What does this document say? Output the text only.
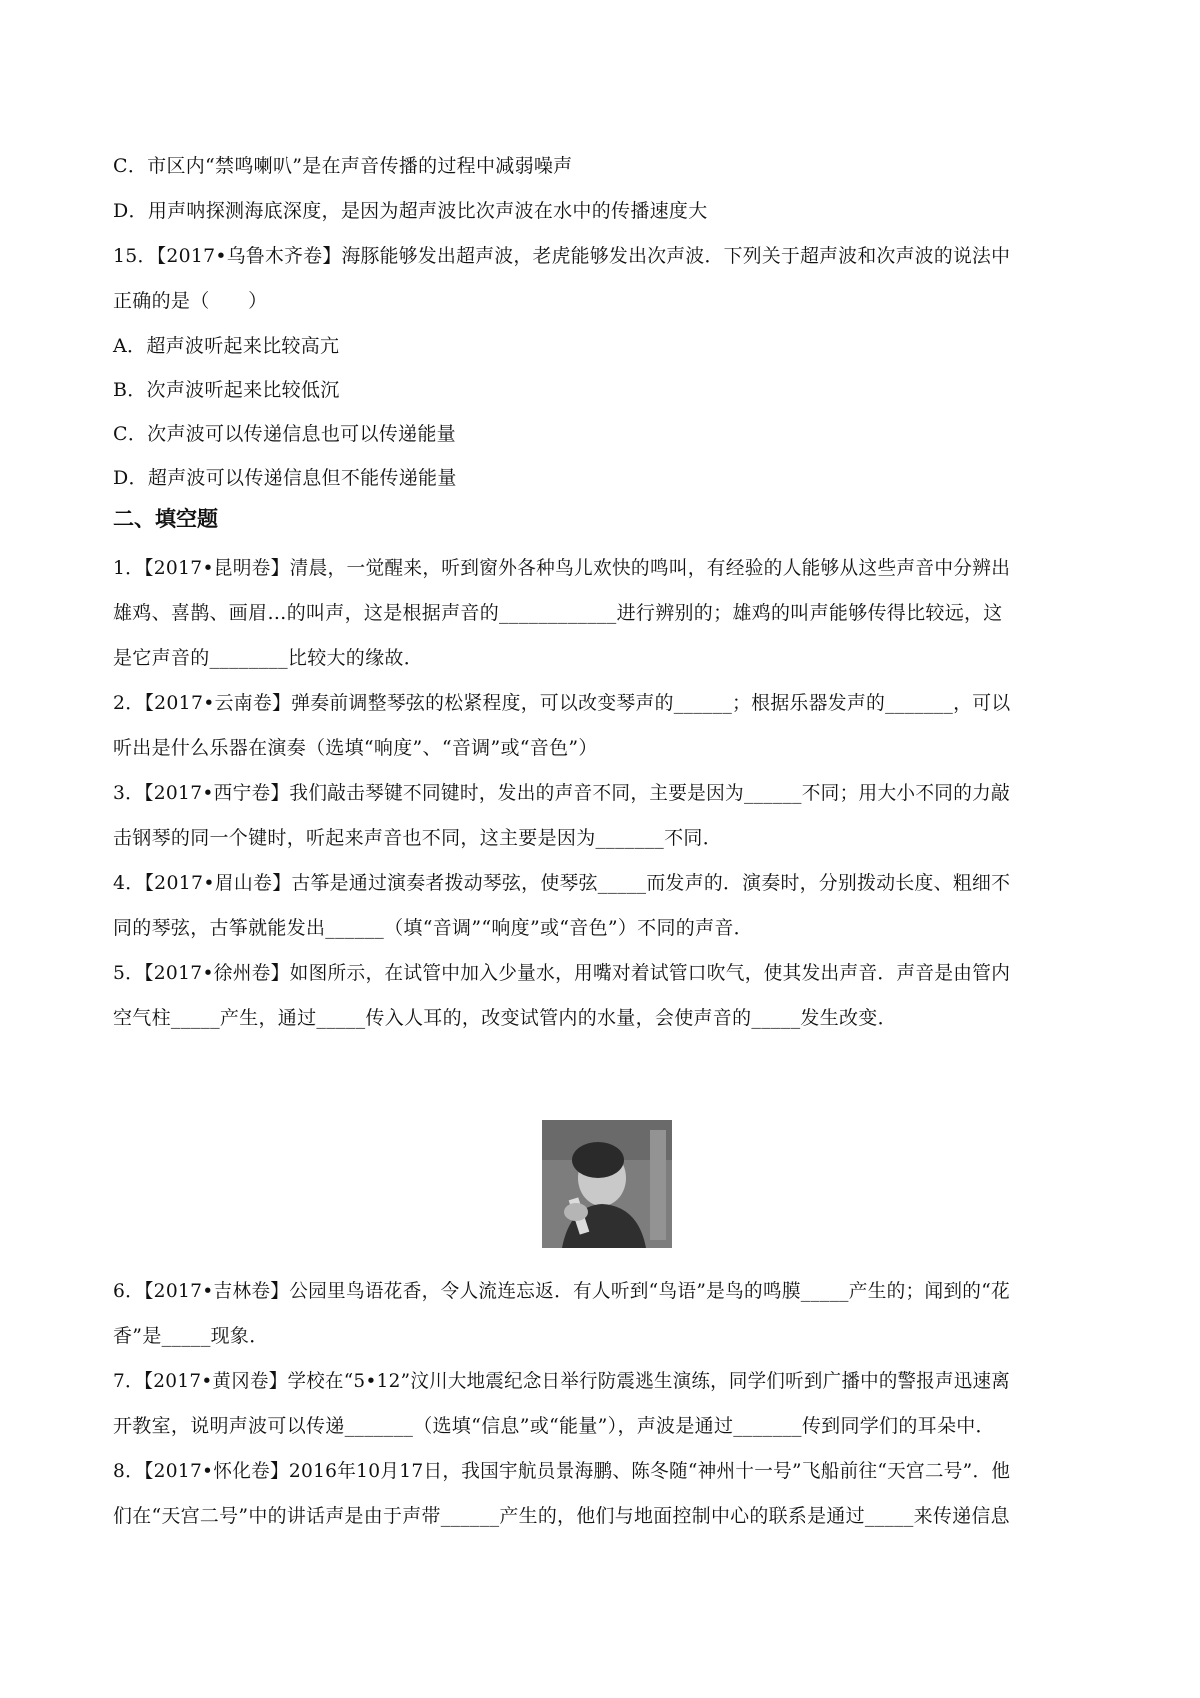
C．市区内“禁鸣喇叭”是在声音传播的过程中减弱噪声
D．用声呐探测海底深度，是因为超声波比次声波在水中的传播速度大
15．【2017•乌鲁木齐卷】海豚能够发出超声波，老虎能够发出次声波．下列关于超声波和次声波的说法中
正确的是（　　）
A．超声波听起来比较高亢
B．次声波听起来比较低沉
C．次声波可以传递信息也可以传递能量
D．超声波可以传递信息但不能传递能量
二、填空题
1．【2017•昆明卷】清晨，一觉醒来，听到窗外各种鸟儿欢快的鸣叫，有经验的人能够从这些声音中分辨出
雄鸡、喜鹊、画眉…的叫声，这是根据声音的____________进行辨别的；雄鸡的叫声能够传得比较远，这
是它声音的________比较大的缘故．
2．【2017•云南卷】弹奏前调整琴弦的松紧程度，可以改变琴声的______；根据乐器发声的_______，可以
听出是什么乐器在演奏（选填“响度”、“音调”或“音色”）
3．【2017•西宁卷】我们敲击琴键不同键时，发出的声音不同，主要是因为______不同；用大小不同的力敲
击钢琴的同一个键时，听起来声音也不同，这主要是因为_______不同．
4．【2017•眉山卷】古筝是通过演奏者拨动琴弦，使琴弦_____而发声的．演奏时，分别拨动长度、粗细不
同的琴弦，古筝就能发出______（填“音调”“响度”或“音色”）不同的声音．
5．【2017•徐州卷】如图所示，在试管中加入少量水，用嘴对着试管口吹气，使其发出声音．声音是由管内
空气柱_____产生，通过_____传入人耳的，改变试管内的水量，会使声音的_____发生改变．
6．【2017•吉林卷】公园里鸟语花香，令人流连忘返．有人听到“鸟语”是鸟的鸣膜_____产生的；闻到的“花
香”是_____现象．
7．【2017•黄冈卷】学校在“5•12”汶川大地震纪念日举行防震逃生演练，同学们听到广播中的警报声迅速离
开教室，说明声波可以传递_______（选填“信息”或“能量”），声波是通过_______传到同学们的耳朵中．
8．【2017•怀化卷】2016年10月17日，我国宇航员景海鹏、陈冬随“神州十一号”飞船前往“天宫二号”．他
们在“天宫二号”中的讲话声是由于声带______产生的，他们与地面控制中心的联系是通过_____来传递信息
